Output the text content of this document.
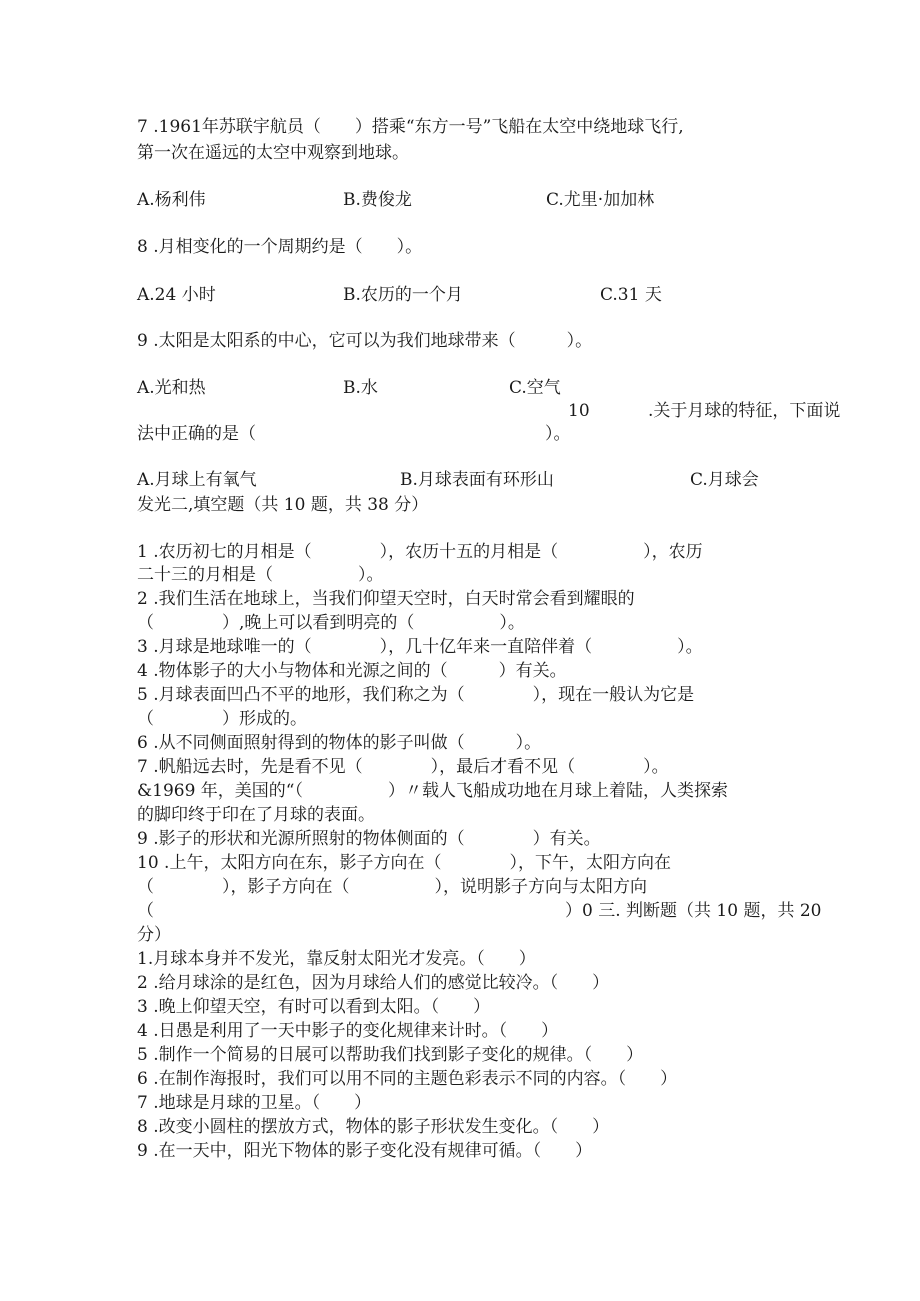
7 .1961年苏联宇航员（　　）搭乘“东方一号”飞船在太空中绕地球飞行,
第一次在遥远的太空中观察到地球。
A.杨利伟	B.费俊龙	C.尤里·加加林
8 .月相变化的一个周期约是（　　）。
A.24 小时	B.农历的一个月	C.31 天
9 .太阳是太阳系的中心，它可以为我们地球带来（　　　）。
A.光和热	B.水	C.空气
10	.关于月球的特征，下面说
法中正确的是（　　　　　　　　　　　　　　　　　）。
A.月球上有氧气	B.月球表面有环形山	C.月球会
发光二,填空题（共 10 题，共 38 分）
1 .农历初七的月相是（　　　　），农历十五的月相是（　　　　　），农历
二十三的月相是（　　　　　）。
2 .我们生活在地球上，当我们仰望天空时，白天时常会看到耀眼的
（　　　　）,晚上可以看到明亮的（　　　　　）。
3 .月球是地球唯一的（　　　　），几十亿年来一直陪伴着（　　　　　）。
4 .物体影子的大小与物体和光源之间的（　　　）有关。
5 .月球表面凹凸不平的地形，我们称之为（　　　　），现在一般认为它是
（　　　　）形成的。
6 .从不同侧面照射得到的物体的影子叫做（　　　）。
7 .帆船远去时，先是看不见（　　　　），最后才看不见（　　　　）。
&1969 年，美国的“（　　　　　）〃载人飞船成功地在月球上着陆，人类探索
的脚印终于印在了月球的表面。
9 .影子的形状和光源所照射的物体侧面的（　　　　）有关。
10 .上午，太阳方向在东，影子方向在（　　　　），下午，太阳方向在
（　　　　），影子方向在（　　　　　），说明影子方向与太阳方向
（	）0 三. 判断题（共 10 题，共 20
分）
1.月球本身并不发光，靠反射太阳光才发亮。（　　）
2 .给月球涂的是红色，因为月球给人们的感觉比较冷。（　　）
3 .晚上仰望天空，有时可以看到太阳。（　　）
4 .日愚是利用了一天中影子的变化规律来计时。（　　）
5 .制作一个简易的日展可以帮助我们找到影子变化的规律。（　　）
6 .在制作海报时，我们可以用不同的主题色彩表示不同的内容。（　　）
7 .地球是月球的卫星。（　　）
8 .改变小圆柱的摆放方式，物体的影子形状发生变化。（　　）
9 .在一天中，阳光下物体的影子变化没有规律可循。（　　）
